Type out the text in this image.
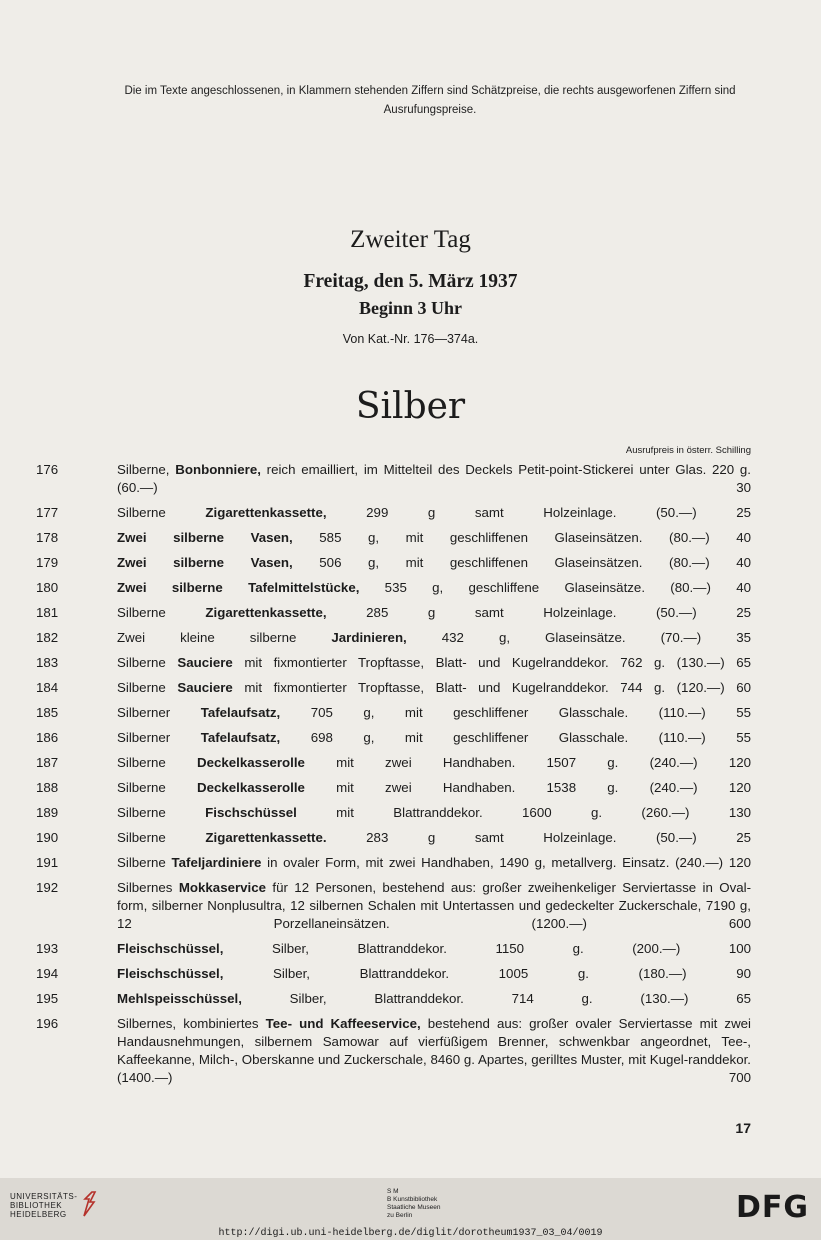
Die im Texte angeschlossenen, in Klammern stehenden Ziffern sind Schätzpreise, die rechts ausgeworfenen Ziffern sind Ausrufungspreise.
Zweiter Tag
Freitag, den 5. März 1937
Beginn 3 Uhr
Von Kat.-Nr. 176—374a.
Silber
Ausrufpreis in österr. Schilling
176	Silberne, Bonbonniere, reich emailliert, im Mittelteil des Deckels Petit-point-Stickerei unter Glas. 220 g. (60.—)	30
177	Silberne	Zigarettenkassette,	299 g samt Holzeinlage. (50.—)	25
178	Zwei silberne Vasen, 585 g, mit geschliffenen Glaseinsätzen. (80.—) 40
179	Zwei silberne Vasen, 506 g, mit geschliffenen Glaseinsätzen. (80.—) 40
180	Zwei silberne Tafelmittelstücke, 535 g, geschliffene Glaseinsätze. (80.—) 40
181	Silberne	Zigarettenkassette,	285 g samt Holzeinlage. (50.—)	25
182	Zwei kleine silberne	Jardinieren,	432 g, Glaseinsätze. (70.—)	35
183	Silberne Sauciere mit fixmontierter Tropftasse, Blatt- und Kugelranddekor. 762 g. (130.—) 65
184	Silberne Sauciere mit fixmontierter Tropftasse, Blatt- und Kugelranddekor. 744 g. (120.—) 60
185	Silberner Tafelaufsatz, 705 g, mit geschliffener Glasschale. (110.—) 55
186	Silberner Tafelaufsatz, 698 g, mit geschliffener Glasschale. (110.—) 55
187	Silberne Deckelkasserolle mit zwei Handhaben. 1507 g. (240.—) 120
188	Silberne Deckelkasserolle mit zwei Handhaben. 1538 g. (240.—) 120
189	Silberne	Fischschüssel	mit Blattranddekor. 1600 g. (260.—)	130
190	Silberne	Zigarettenkassette.	283 g samt Holzeinlage. (50.—)	25
191	Silberne Tafeljardiniere in ovaler Form, mit zwei Handhaben, 1490 g, metallverg. Einsatz. (240.—) 120
192	Silbernes Mokkaservice für 12 Personen, bestehend aus: großer zweihenkeliger Serviertasse in Oval-form, silberner Nonplusultra, 12 silbernen Schalen mit Untertassen und gedeckelter Zuckerschale, 7190 g, 12 Porzellaneinsätzen. (1200.—)	600
193	Fleischschüssel,	Silber, Blattranddekor. 1150 g. (200.—)	100
194	Fleischschüssel,	Silber, Blattranddekor. 1005 g. (180.—)	90
195	Mehlspeisschüssel,	Silber, Blattranddekor. 714 g. (130.—)	65
196	Silbernes, kombiniertes Tee- und Kaffeeservice, bestehend aus: großer ovaler Serviertasse mit zwei Handausnehmungen, silbernem Samowar auf vierfüßigem Brenner, schwenkbar angeordnet, Tee-, Kaffeekanne, Milch-, Oberskanne und Zuckerschale, 8460 g. Apartes, gerilltes Muster, mit Kugel-randdekor. (1400.—)	700
17
UNIVERSITÄTS-
BIBLIOTHEK
HEIDELBERG
S M
B Kunstbibliothek
Staatliche Museen
zu Berlin	DFG
http://digi.ub.uni-heidelberg.de/diglit/dorotheum1937_03_04/0019
